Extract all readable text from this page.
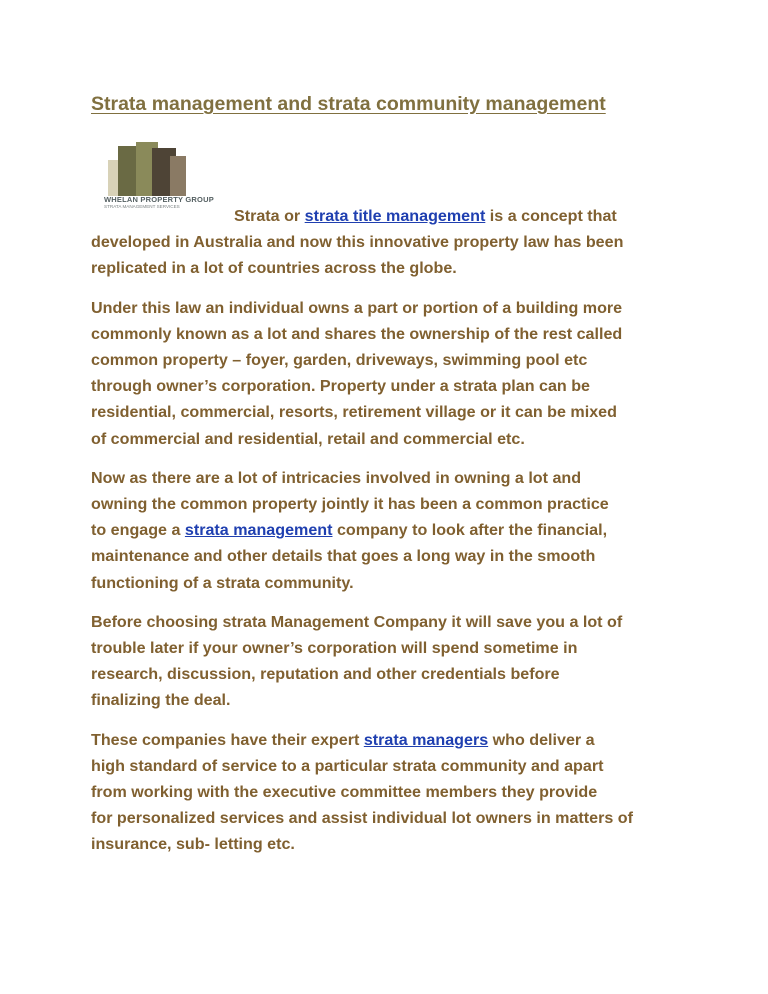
Strata management and strata community management
WHELAN PROPERTY GROUP
STRATA MANAGEMENT SERVICES

Strata or strata title management is a concept that
developed in Australia and now this innovative property law has been
replicated in a lot of countries across the globe.

Under this law an individual owns a part or portion of a building more
commonly known as a lot and shares the ownership of the rest called
common property – foyer, garden, driveways, swimming pool etc
through owner’s corporation. Property under a strata plan can be
residential, commercial, resorts, retirement village or it can be mixed
of commercial and residential, retail and commercial etc.

Now as there are a lot of intricacies involved in owning a lot and
owning the common property jointly it has been a common practice
to engage a strata management company to look after the financial,
maintenance and other details that goes a long way in the smooth
functioning of a strata community.

Before choosing strata Management Company it will save you a lot of
trouble later if your owner’s corporation will spend sometime in
research, discussion, reputation and other credentials before
finalizing the deal.

These companies have their expert strata managers who deliver a
high standard of service to a particular strata community and apart
from working with the executive committee members they provide
for personalized services and assist individual lot owners in matters of
insurance, sub- letting etc.
